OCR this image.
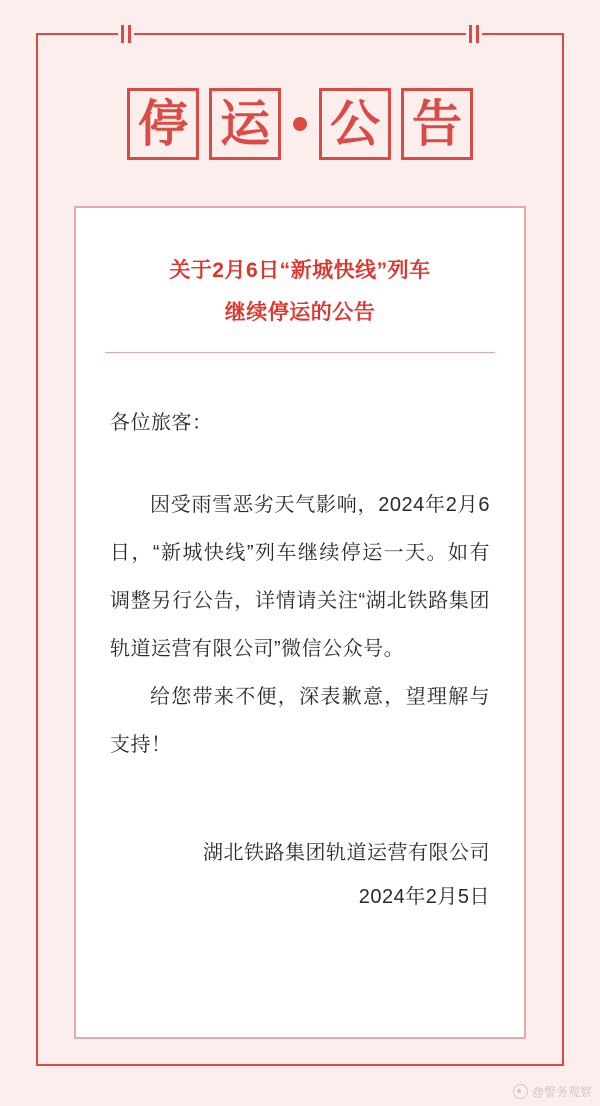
停 运 公 告
关于2月6日“新城快线”列车
继续停运的公告
各位旅客：
因受雨雪恶劣天气影响，2024年2月6日，“新城快线”列车继续停运一天。如有调整另行公告，详情请关注“湖北铁路集团轨道运营有限公司”微信公众号。
给您带来不便，深表歉意，望理解与支持！
湖北铁路集团轨道运营有限公司
2024年2月5日
@警务观察
